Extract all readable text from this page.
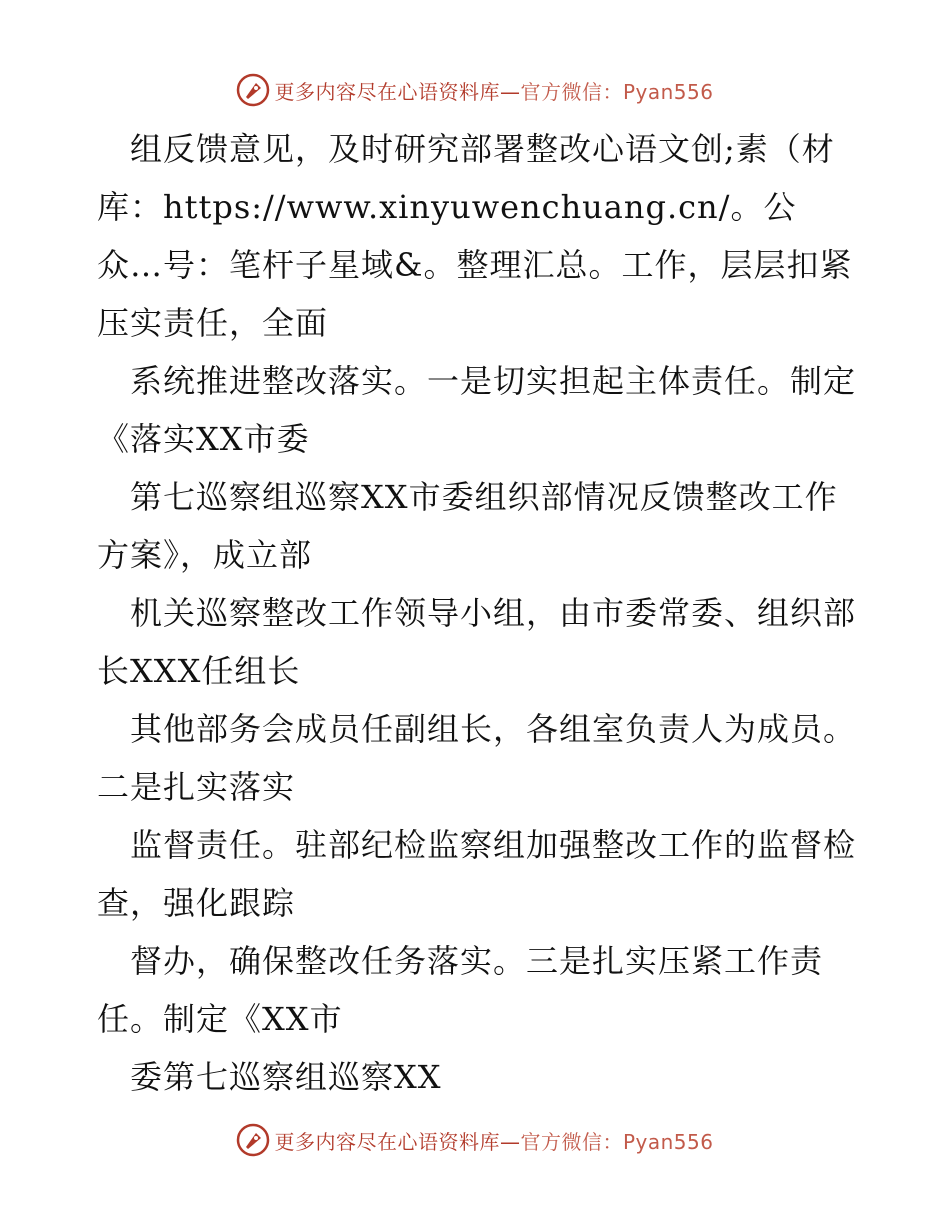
更多内容尽在心语资料库—官方微信：Pyan556

　组反馈意见，及时研究部署整改心语文创;素（材库：https://www.xinyuwenchuang.cn/。公众…号：笔杆子星域&。整理汇总。工作，层层扣紧压实责任，全面

　系统推进整改落实。一是切实担起主体责任。制定《落实XX市委

　第七巡察组巡察XX市委组织部情况反馈整改工作方案》，成立部

　机关巡察整改工作领导小组，由市委常委、组织部长XXX任组长

　其他部务会成员任副组长，各组室负责人为成员。二是扎实落实

　监督责任。驻部纪检监察组加强整改工作的监督检查，强化跟踪

　督办，确保整改任务落实。三是扎实压紧工作责任。制定《XX市

　委第七巡察组巡察XX

更多内容尽在心语资料库—官方微信：Pyan556
